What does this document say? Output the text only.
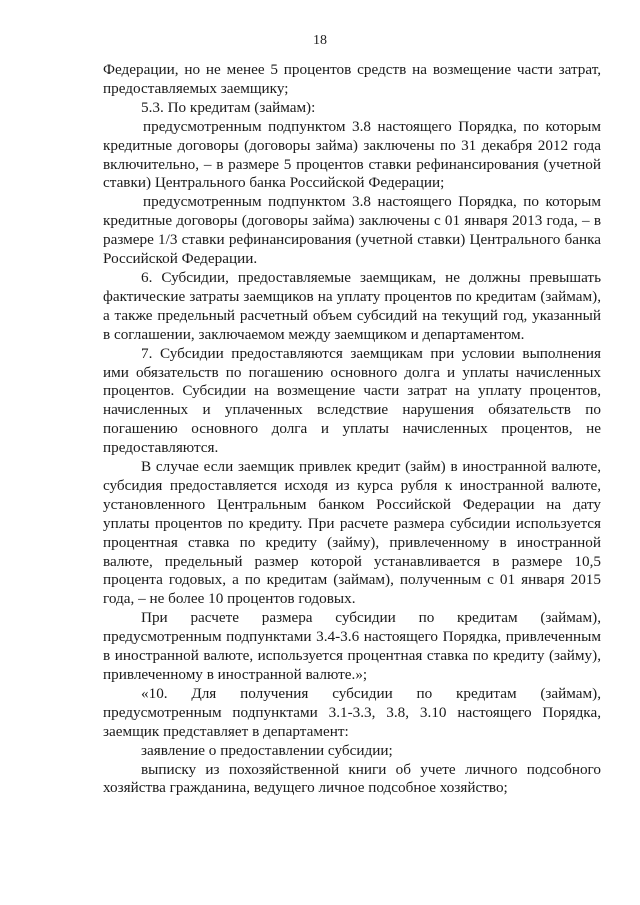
18

Федерации, но не менее 5 процентов средств на возмещение части затрат, предоставляемых заемщику;

5.3. По кредитам (займам):

предусмотренным подпунктом 3.8 настоящего Порядка, по которым кредитные договоры (договоры займа) заключены по 31 декабря 2012 года включительно, – в размере 5 процентов ставки рефинансирования (учетной ставки) Центрального банка Российской Федерации;

предусмотренным подпунктом 3.8 настоящего Порядка, по которым кредитные договоры (договоры займа) заключены с 01 января 2013 года, – в размере 1/3 ставки рефинансирования (учетной ставки) Центрального банка Российской Федерации.

6. Субсидии, предоставляемые заемщикам, не должны превышать фактические затраты заемщиков на уплату процентов по кредитам (займам), а также предельный расчетный объем субсидий на текущий год, указанный в соглашении, заключаемом между заемщиком и департаментом.

7. Субсидии предоставляются заемщикам при условии выполнения ими обязательств по погашению основного долга и уплаты начисленных процентов. Субсидии на возмещение части затрат на уплату процентов, начисленных и уплаченных вследствие нарушения обязательств по погашению основного долга и уплаты начисленных процентов, не предоставляются.

В случае если заемщик привлек кредит (займ) в иностранной валюте, субсидия предоставляется исходя из курса рубля к иностранной валюте, установленного Центральным банком Российской Федерации на дату уплаты процентов по кредиту. При расчете размера субсидии используется процентная ставка по кредиту (займу), привлеченному в иностранной валюте, предельный размер которой устанавливается в размере 10,5 процента годовых, а по кредитам (займам), полученным с 01 января 2015 года, – не более 10 процентов годовых.

При расчете размера субсидии по кредитам (займам), предусмотренным подпунктами 3.4-3.6 настоящего Порядка, привлеченным в иностранной валюте, используется процентная ставка по кредиту (займу), привлеченному в иностранной валюте.»;

«10. Для получения субсидии по кредитам (займам), предусмотренным подпунктами 3.1-3.3, 3.8, 3.10 настоящего Порядка, заемщик представляет в департамент:

заявление о предоставлении субсидии;

выписку из похозяйственной книги об учете личного подсобного хозяйства гражданина, ведущего личное подсобное хозяйство;
